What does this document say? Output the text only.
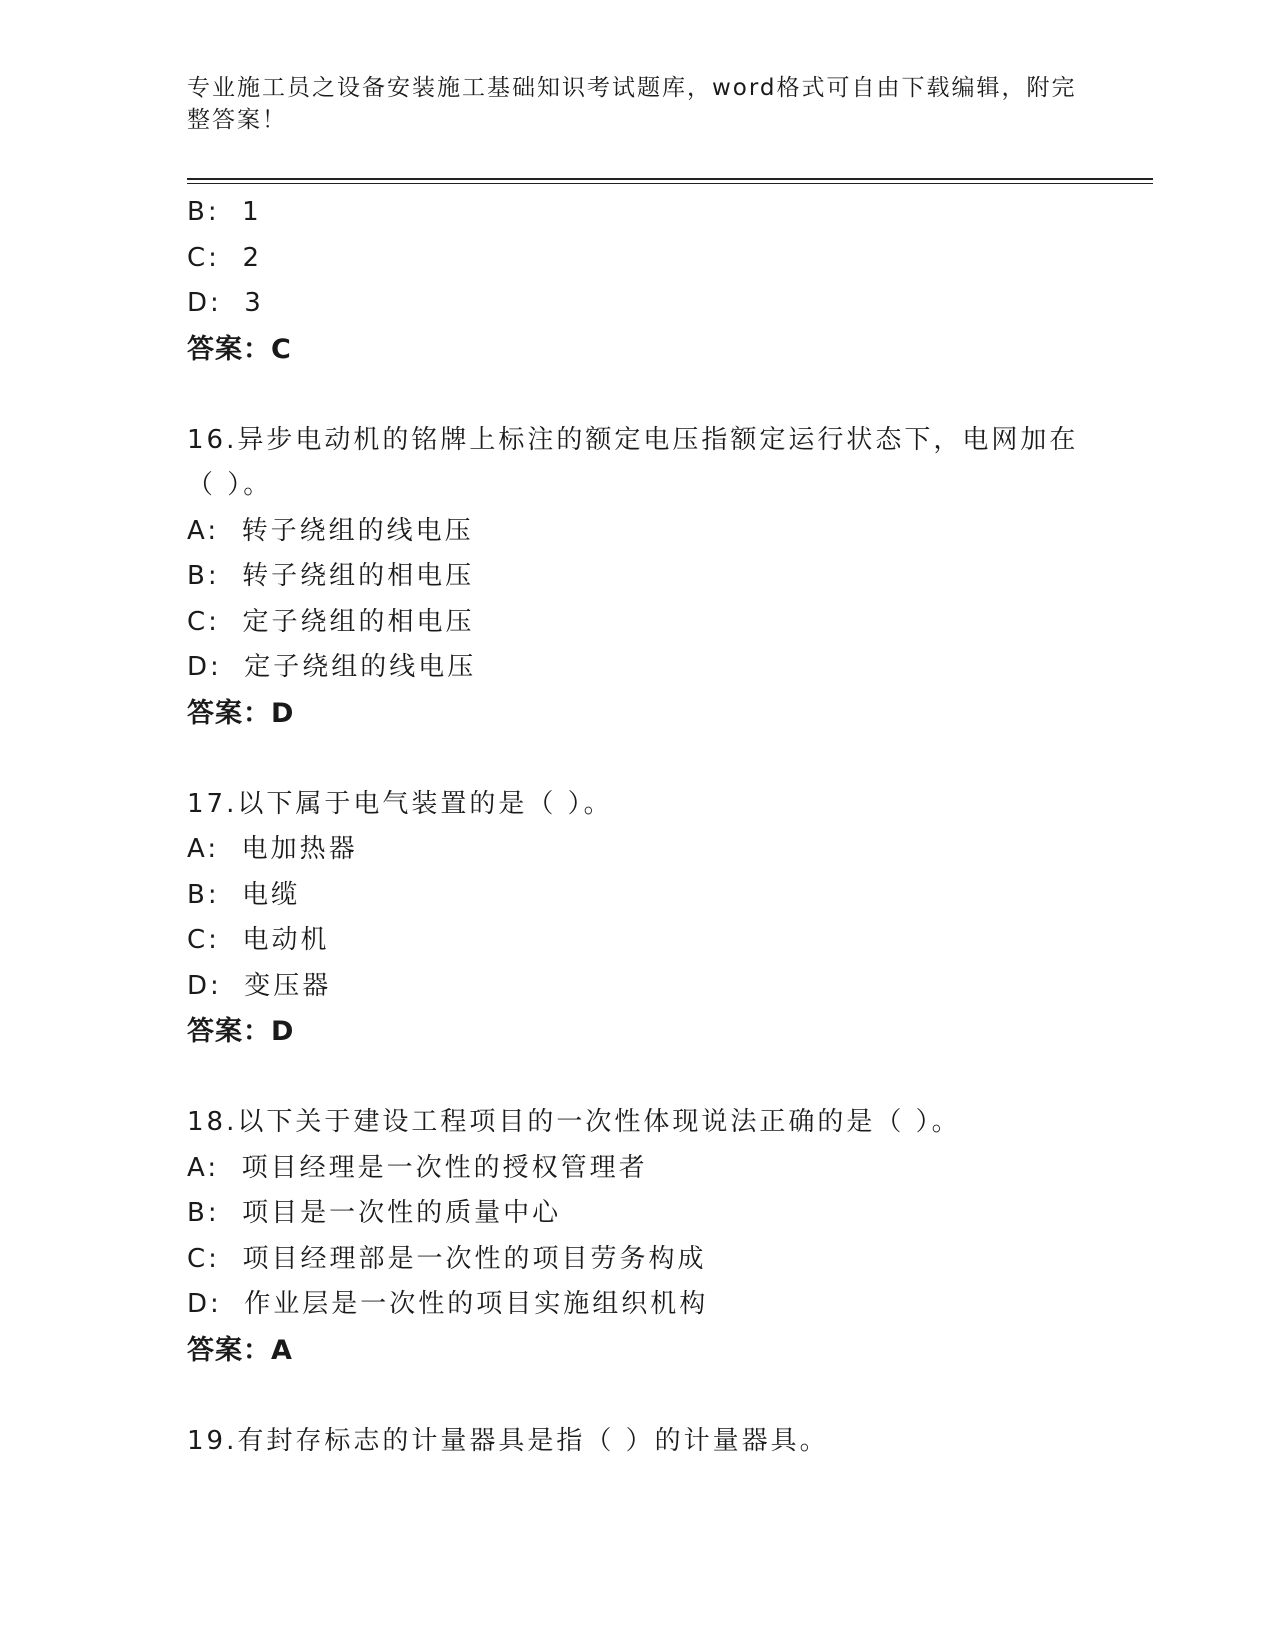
专业施工员之设备安装施工基础知识考试题库，word格式可自由下载编辑，附完整答案！
B:  1
C:  2
D:  3
答案：C
16.异步电动机的铭牌上标注的额定电压指额定运行状态下，电网加在（ ）。
A:  转子绕组的线电压
B:  转子绕组的相电压
C:  定子绕组的相电压
D:  定子绕组的线电压
答案：D
17.以下属于电气装置的是（ ）。
A:  电加热器
B:  电缆
C:  电动机
D:  变压器
答案：D
18.以下关于建设工程项目的一次性体现说法正确的是（ ）。
A:  项目经理是一次性的授权管理者
B:  项目是一次性的质量中心
C:  项目经理部是一次性的项目劳务构成
D:  作业层是一次性的项目实施组织机构
答案：A
19.有封存标志的计量器具是指（ ）的计量器具。
